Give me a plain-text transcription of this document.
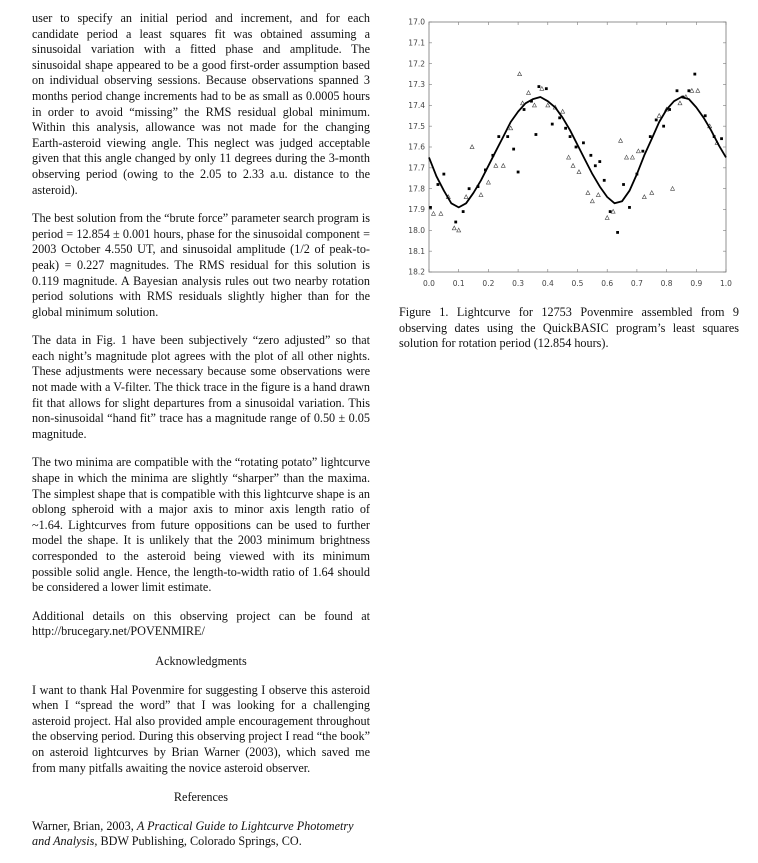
user to specify an initial period and increment, and for each candidate period a least squares fit was obtained assuming a sinusoidal variation with a fitted phase and amplitude. The sinusoidal shape appeared to be a good first-order assumption based on individual observing sessions. Because observations spanned 3 months period change increments had to be as small as 0.0005 hours in order to avoid “missing” the RMS residual global minimum. Within this analysis, allowance was not made for the changing Earth-asteroid viewing angle. This neglect was judged acceptable given that this angle changed by only 11 degrees during the 3-month observing period (owing to the 2.05 to 2.33 a.u. distance to the asteroid).

The best solution from the “brute force” parameter search program is period = 12.854 ± 0.001 hours, phase for the sinusoidal component = 2003 October 4.550 UT, and sinusoidal amplitude (1/2 of peak-to-peak) = 0.227 magnitudes. The RMS residual for this solution is 0.119 magnitude. A Bayesian analysis rules out two nearby rotation period solutions with RMS residuals slightly higher than for the global minimum solution.

The data in Fig. 1 have been subjectively “zero adjusted” so that each night’s magnitude plot agrees with the plot of all other nights. These adjustments were necessary because some observations were not made with a V-filter. The thick trace in the figure is a hand drawn fit that allows for slight departures from a sinusoidal variation. This non-sinusoidal “hand fit” trace has a magnitude range of 0.50 ± 0.05 magnitude.

The two minima are compatible with the “rotating potato” lightcurve shape in which the minima are slightly “sharper” than the maxima. The simplest shape that is compatible with this lightcurve shape is an oblong spheroid with a major axis to minor axis length ratio of ~1.64. Lightcurves from future oppositions can be used to further model the shape. It is unlikely that the 2003 minimum brightness corresponded to the asteroid being viewed with its minimum possible solid angle. Hence, the length-to-width ratio of 1.64 should be considered a lower limit estimate.

Additional details on this observing project can be found at http://brucegary.net/POVENMIRE/

Acknowledgments

I want to thank Hal Povenmire for suggesting I observe this asteroid when I “spread the word” that I was looking for a challenging asteroid project. Hal also provided ample encouragement throughout the observing period. During this observing project I read “the book” on asteroid lightcurves by Brian Warner (2003), which saved me from many pitfalls awaiting the novice asteroid observer.

References

Warner, Brian, 2003, A Practical Guide to Lightcurve Photometry and Analysis, BDW Publishing, Colorado Springs, CO.

17.0
17.1
17.2
17.3
17.4
17.5
17.6
17.7
17.8
17.9
18.0
18.1
18.2
0.0 0.1 0.2 0.3 0.4 0.5 0.6 0.7 0.8 0.9 1.0

Figure 1. Lightcurve for 12753 Povenmire assembled from 9 observing dates using the QuickBASIC program’s least squares solution for rotation period (12.854 hours).
